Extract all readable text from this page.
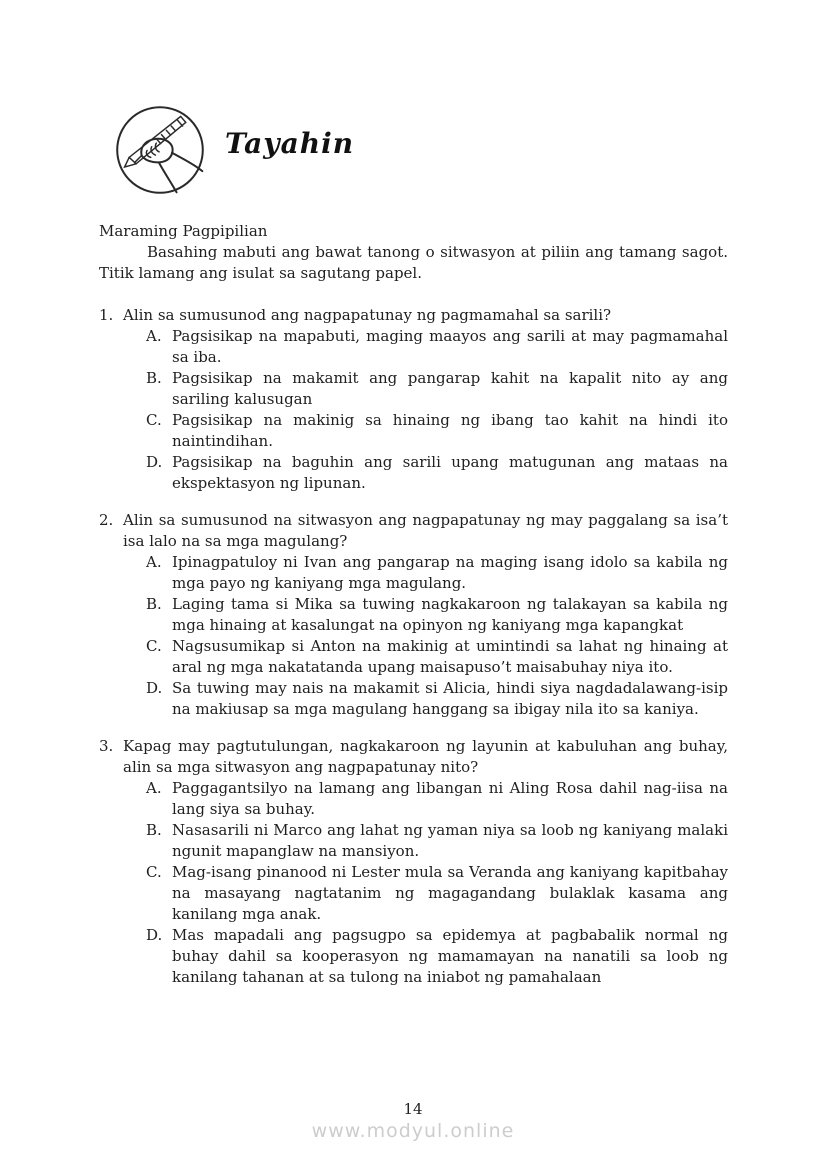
Tayahin

Maraming Pagpipilian

Basahing mabuti ang bawat tanong o sitwasyon at piliin ang tamang sagot.

Titik lamang ang isulat sa sagutang papel.

1. Alin sa sumusunod ang nagpapatunay ng pagmamahal sa sarili?
A. Pagsisikap na mapabuti, maging maayos ang sarili at may pagmamahal sa iba.
B. Pagsisikap na makamit ang pangarap kahit na kapalit nito ay ang sariling kalusugan
C. Pagsisikap na makinig sa hinaing ng ibang tao kahit na hindi ito naintindihan.
D. Pagsisikap na baguhin ang sarili upang matugunan ang mataas na ekspektasyon ng lipunan.
2. Alin sa sumusunod na sitwasyon ang nagpapatunay ng may paggalang sa isa’t isa lalo na sa mga magulang?
A. Ipinagpatuloy ni Ivan ang pangarap na maging isang idolo sa kabila ng mga payo ng kaniyang mga magulang.
B. Laging tama si Mika sa tuwing nagkakaroon ng talakayan sa kabila ng mga hinaing at kasalungat na opinyon ng kaniyang mga kapangkat
C. Nagsusumikap si Anton na makinig at umintindi sa lahat ng hinaing at aral ng mga nakatatanda upang maisapuso’t maisabuhay niya ito.
D. Sa tuwing may nais na makamit si Alicia, hindi siya nagdadalawang-isip na makiusap sa mga magulang hanggang sa ibigay nila ito sa kaniya.
3. Kapag may pagtutulungan, nagkakaroon ng layunin at kabuluhan ang buhay, alin sa mga sitwasyon ang nagpapatunay nito?
A. Paggagantsilyo na lamang ang libangan ni Aling Rosa dahil nag-iisa na lang siya sa buhay.
B. Nasasarili ni Marco ang lahat ng yaman niya sa loob ng kaniyang malaki ngunit mapanglaw na mansiyon.
C. Mag-isang pinanood ni Lester mula sa Veranda ang kaniyang kapitbahay na masayang nagtatanim ng magagandang bulaklak kasama ang kanilang mga anak.
D. Mas mapadali ang pagsugpo sa epidemya at pagbabalik normal ng buhay dahil sa kooperasyon ng mamamayan na nanatili sa loob ng kanilang tahanan at sa tulong na iniabot ng pamahalaan
14
www.modyul.online
